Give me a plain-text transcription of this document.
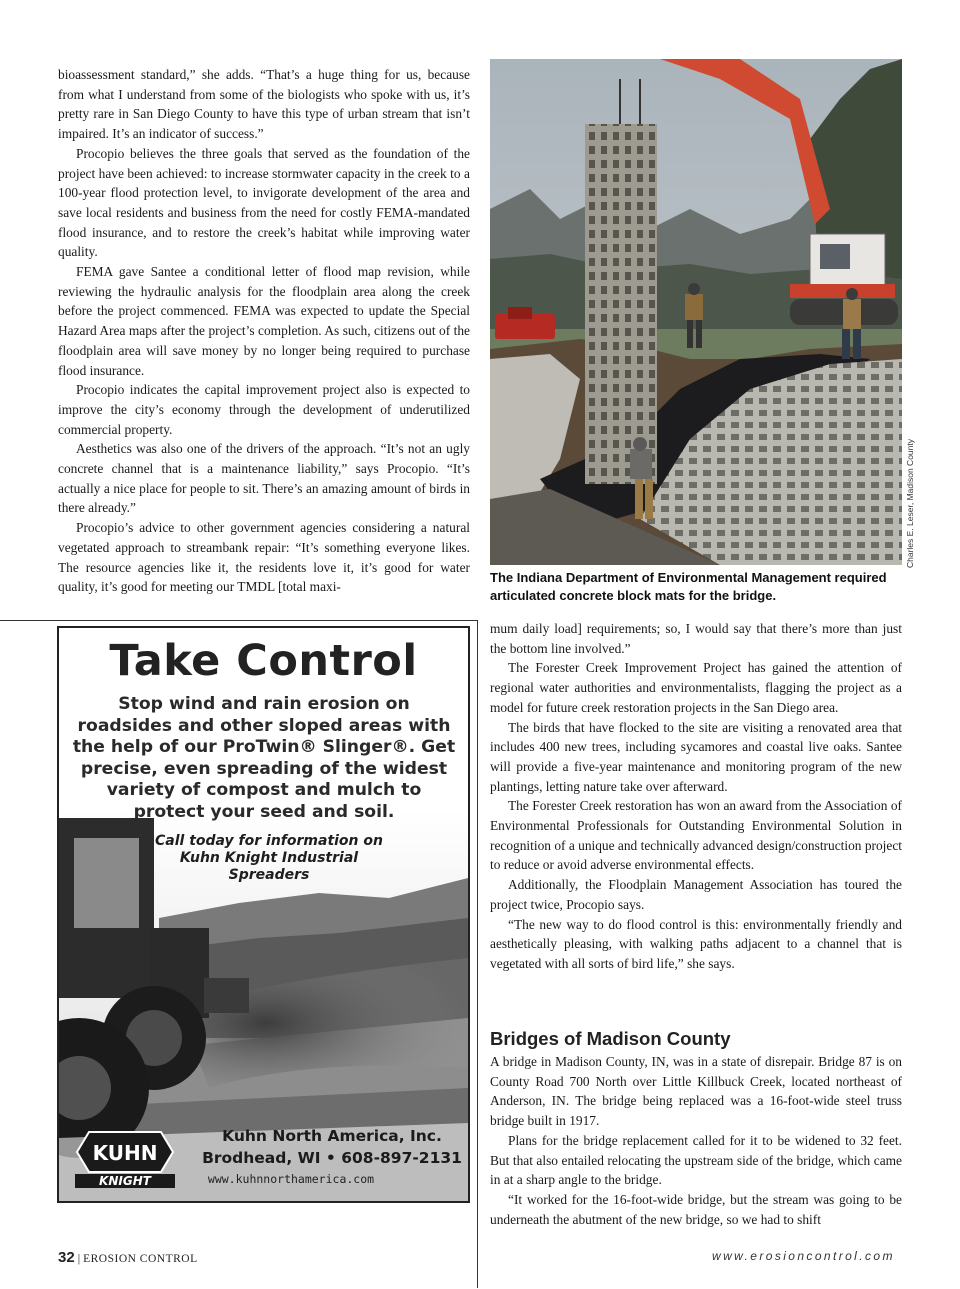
bioassessment standard,” she adds. “That’s a huge thing for us, because from what I understand from some of the biologists who spoke with us, it’s pretty rare in San Diego County to have this type of urban stream that isn’t impaired. It’s an indicator of success.”

Procopio believes the three goals that served as the foundation of the project have been achieved: to increase stormwater capacity in the creek to a 100-year flood protection level, to invigorate development of the area and save local residents and business from the need for costly FEMA-mandated flood insurance, and to restore the creek’s habitat while improving water quality.

FEMA gave Santee a conditional letter of flood map revision, while reviewing the hydraulic analysis for the floodplain area along the creek before the project commenced. FEMA was expected to update the Special Hazard Area maps after the project’s completion. As such, citizens out of the floodplain area will save money by no longer being required to purchase flood insurance.

Procopio indicates the capital improvement project also is expected to improve the city’s economy through the development of underutilized commercial property.

Aesthetics was also one of the drivers of the approach. “It’s not an ugly concrete channel that is a maintenance liability,” says Procopio. “It’s actually a nice place for people to sit. There’s an amazing amount of birds in there already.”

Procopio’s advice to other government agencies considering a natural vegetated approach to streambank repair: “It’s something everyone likes. The resource agencies like it, the residents love it, it’s good for water quality, it’s good for meeting our TMDL [total maxi-

Charles E. Leser, Madison County
The Indiana Department of Environmental Management required articulated concrete block mats for the bridge.
Take Control
Stop wind and rain erosion on roadsides and other sloped areas with the help of our ProTwin® Slinger®. Get precise, even spreading of the widest variety of compost and mulch to protect your seed and soil.
Call today for information on Kuhn Knight Industrial Spreaders
KUHN
KNIGHT
Kuhn North America, Inc.
Brodhead, WI • 608-897-2131
www.kuhnnorthamerica.com

mum daily load] requirements; so, I would say that there’s more than just the bottom line involved.”

The Forester Creek Improvement Project has gained the attention of regional water authorities and environmentalists, flagging the project as a model for future creek restoration projects in the San Diego area.

The birds that have flocked to the site are visiting a renovated area that includes 400 new trees, including sycamores and coastal live oaks. Santee will provide a five-year maintenance and monitoring program of the new plantings, letting nature take over afterward.

The Forester Creek restoration has won an award from the Association of Environmental Professionals for Outstanding Environmental Solution in recognition of a unique and technically advanced design/construction project to reduce or avoid adverse environmental effects.

Additionally, the Floodplain Management Association has toured the project twice, Procopio says.

“The new way to do flood control is this: environmentally friendly and aesthetically pleasing, with walking paths adjacent to a channel that is vegetated with all sorts of bird life,” she says.

Bridges of Madison County

A bridge in Madison County, IN, was in a state of disrepair. Bridge 87 is on County Road 700 North over Little Killbuck Creek, located northeast of Anderson, IN. The bridge being replaced was a 16-foot-wide steel truss bridge built in 1917.

Plans for the bridge replacement called for it to be widened to 32 feet. But that also entailed relocating the upstream side of the bridge, which came in at a sharp angle to the bridge.

“It worked for the 16-foot-wide bridge, but the stream was going to be underneath the abutment of the new bridge, so we had to shift

32 | EROSION CONTROL	www.erosioncontrol.com
